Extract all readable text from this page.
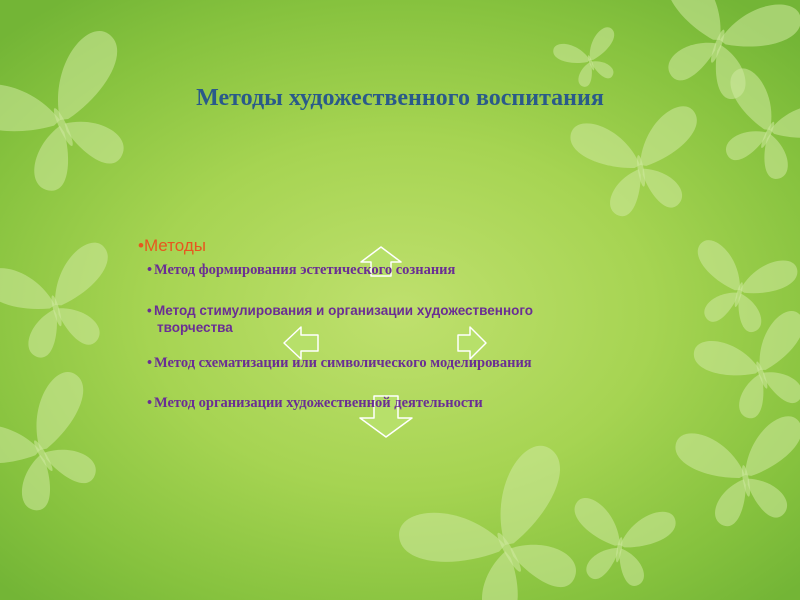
Методы художественного воспитания
•Методы
• Метод формирования эстетического сознания
• Метод стимулирования и организации художественного
творчества
• Метод схематизации или символического моделирования
• Метод организации художественной деятельности
